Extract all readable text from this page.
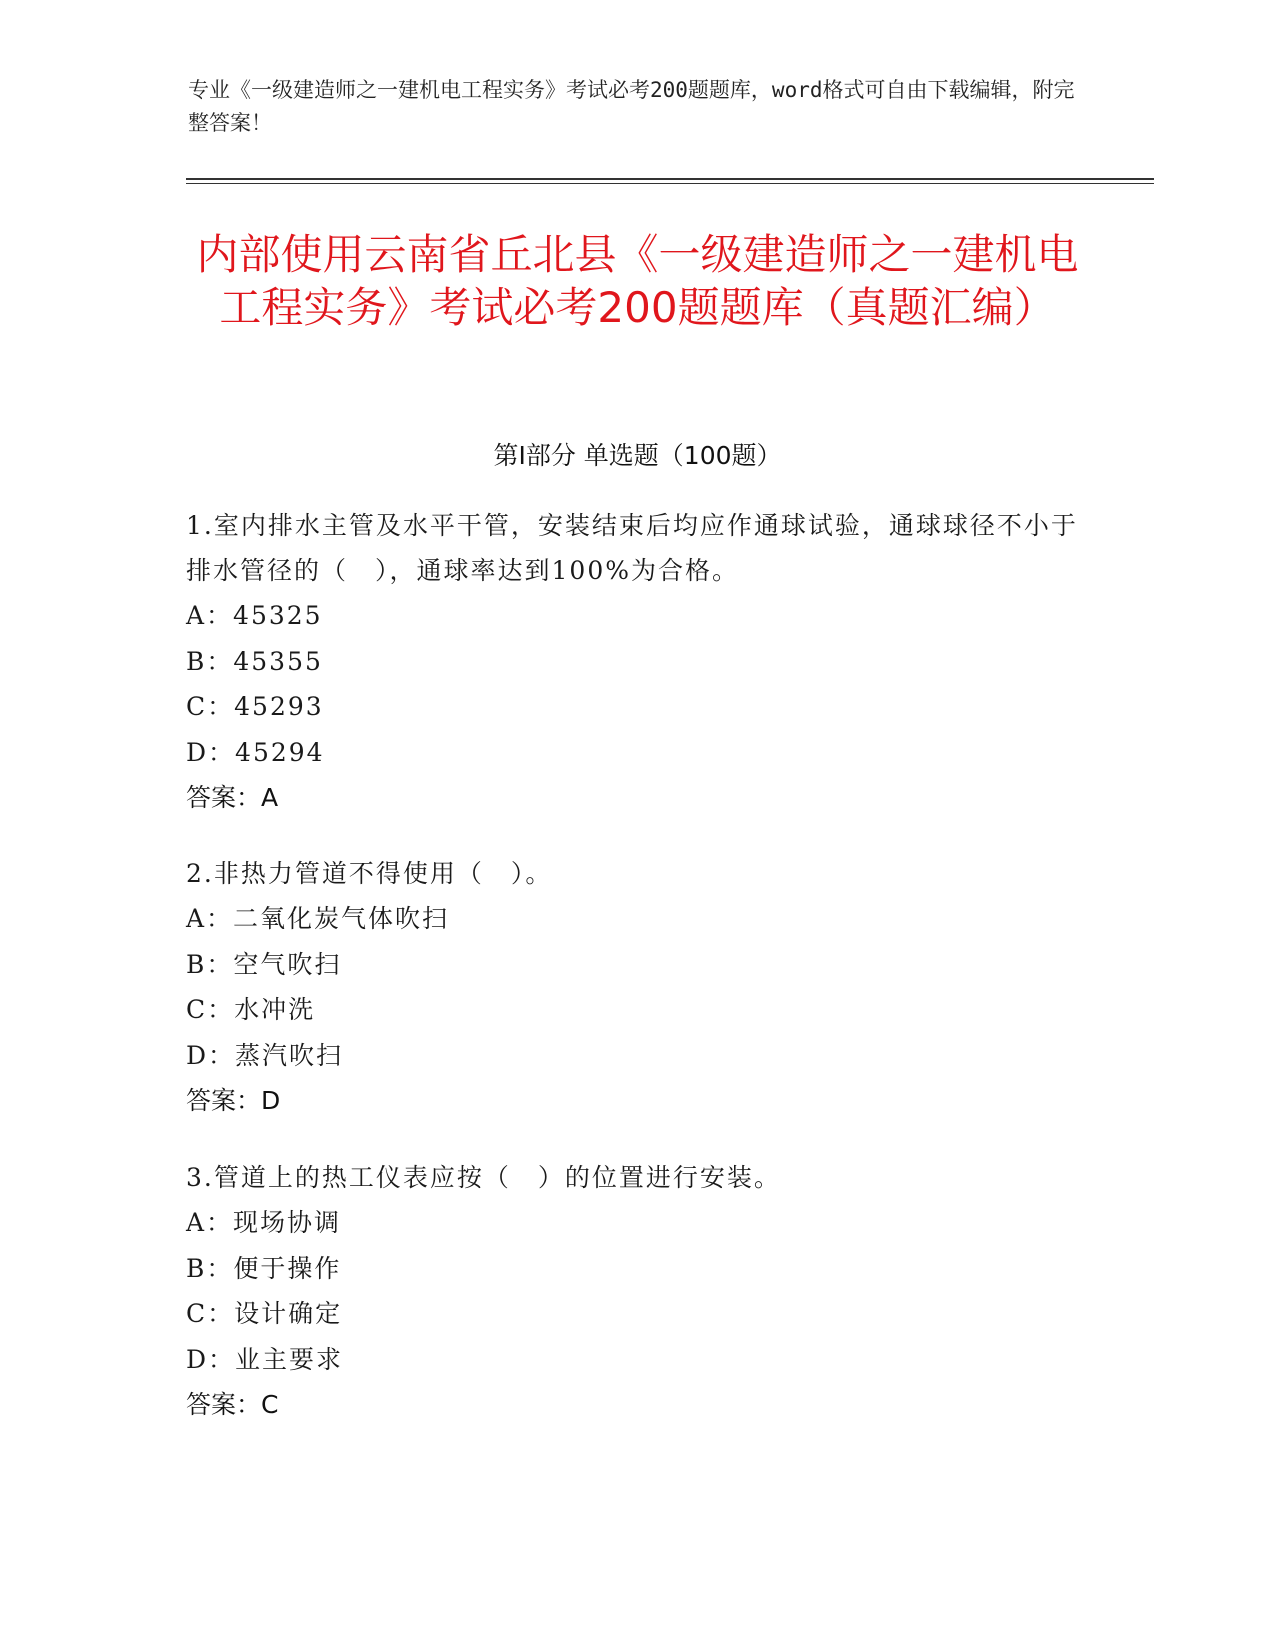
专业《一级建造师之一建机电工程实务》考试必考200题题库，word格式可自由下载编辑，附完整答案！
内部使用云南省丘北县《一级建造师之一建机电工程实务》考试必考200题题库（真题汇编）
第Ⅰ部分 单选题（100题）

1.室内排水主管及水平干管，安装结束后均应作通球试验，通球球径不小于排水管径的（　），通球率达到100%为合格。

A：45325

B：45355

C：45293

D：45294

答案：A

2.非热力管道不得使用（　）。

A：二氧化炭气体吹扫

B：空气吹扫

C：水冲洗

D：蒸汽吹扫

答案：D

3.管道上的热工仪表应按（　）的位置进行安装。

A：现场协调

B：便于操作

C：设计确定

D：业主要求

答案：C
